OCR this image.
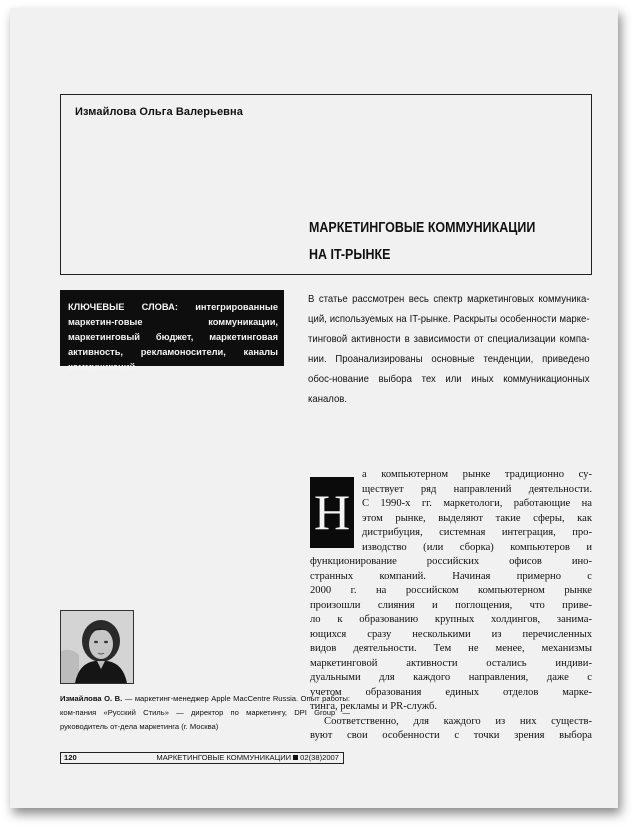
Измайлова Ольга Валерьевна
МАРКЕТИНГОВЫЕ КОММУНИКАЦИИ
НА IT-РЫНКЕ
КЛЮЧЕВЫЕ СЛОВА: интегрированные маркетин-говые коммуникации, маркетинговый бюджет, маркетинговая активность, рекламоносители, каналы коммуникаций
В статье рассмотрен весь спектр маркетинговых коммуника-ций, используемых на IT-рынке. Раскрыты особенности марке-тинговой активности в зависимости от специализации компа-нии. Проанализированы основные тенденции, приведено обос-нование выбора тех или иных коммуникационных каналов.
Н
а компьютерном рынке традиционно су-
ществует ряд направлений деятельности.
С 1990-х гг. маркетологи, работающие на
этом рынке, выделяют такие сферы, как
дистрибуция, системная интеграция, про-
изводство (или сборка) компьютеров и
функционирование российских офисов ино-
странных компаний. Начиная примерно с
2000 г. на российском компьютерном рынке
произошли слияния и поглощения, что приве-
ло к образованию крупных холдингов, занима-
ющихся сразу несколькими из перечисленных
видов деятельности. Тем не менее, механизмы
маркетинговой активности остались индиви-
дуальными для каждого направления, даже с
учетом образования единых отделов марке-
тинга, рекламы и PR-служб.
Соответственно, для каждого из них существ-
вуют свои особенности с точки зрения выбора
Измайлова О. В. — маркетинг-менеджер Apple MacCentre Russia. Опыт работы: ком-пания «Русский Стиль» — директор по маркетингу, DPI Group — руководитель от-дела маркетинга (г. Москва)
120	МАРКЕТИНГОВЫЕ КОММУНИКАЦИИ 02(38)2007
